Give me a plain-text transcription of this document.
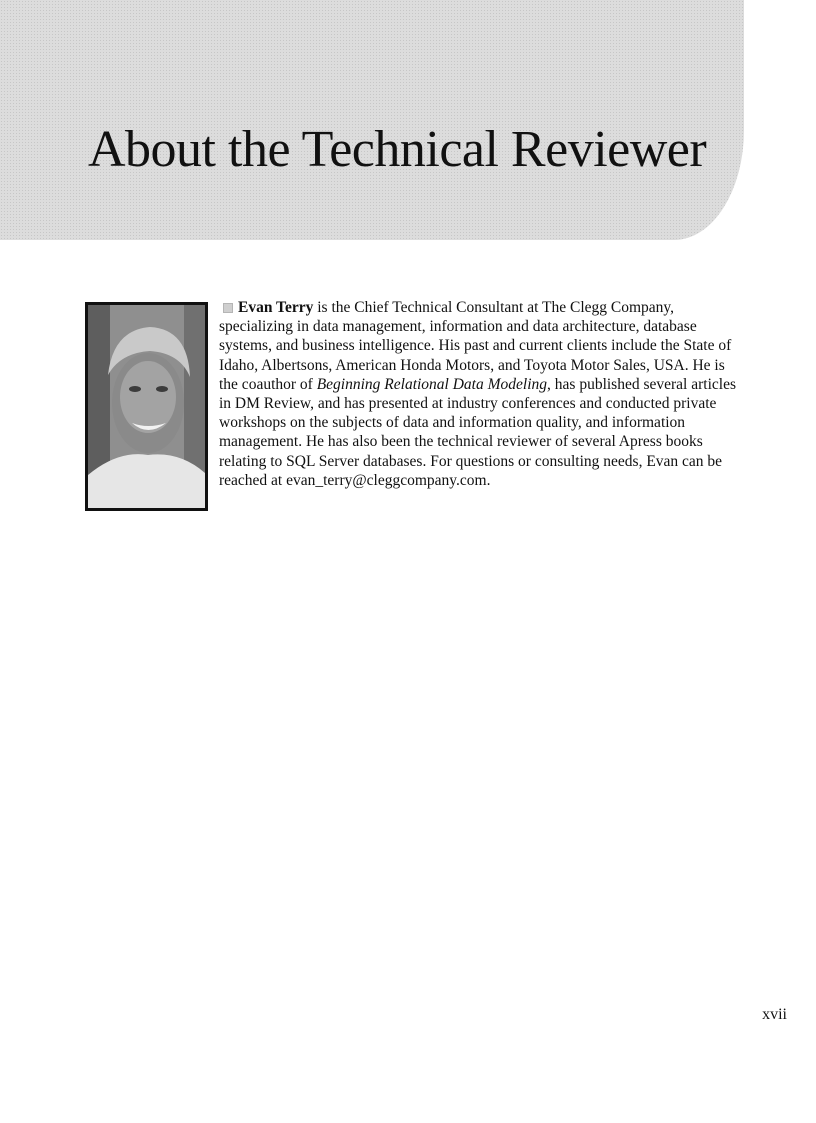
About the Technical Reviewer

Evan Terry is the Chief Technical Consultant at The Clegg Company, specializing in data management, information and data architecture, database systems, and business intelligence. His past and current clients include the State of Idaho, Albertsons, American Honda Motors, and Toyota Motor Sales, USA. He is the coauthor of Beginning Relational Data Modeling, has published several articles in DM Review, and has presented at industry conferences and conducted private workshops on the subjects of data and information quality, and information management. He has also been the technical reviewer of several Apress books relating to SQL Server databases. For questions or consulting needs, Evan can be reached at evan_terry@cleggcompany.com.

xvii
